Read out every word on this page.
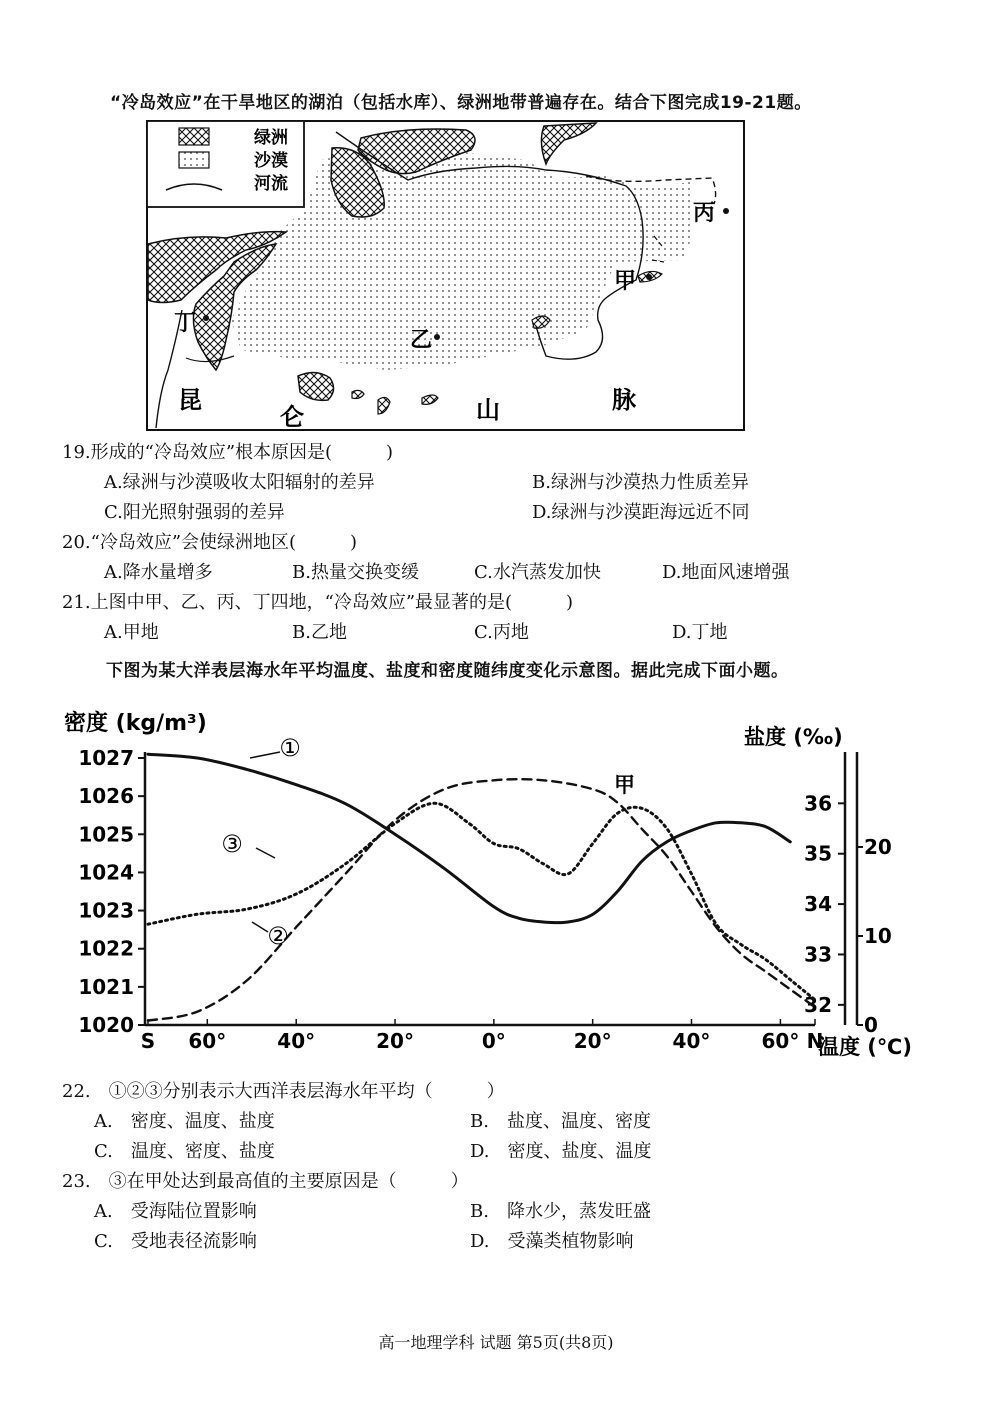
“冷岛效应”在干旱地区的湖泊（包括水库）、绿洲地带普遍存在。结合下图完成19-21题。
绿洲
沙漠
河流
丙
甲
乙
丁
昆
仑	山	脉
19.形成的“冷岛效应”根本原因是(　　　)
A.绿洲与沙漠吸收太阳辐射的差异	B.绿洲与沙漠热力性质差异
C.阳光照射强弱的差异	D.绿洲与沙漠距海远近不同
20.“冷岛效应”会使绿洲地区(　　　)
A.降水量增多	B.热量交换变缓	C.水汽蒸发加快	D.地面风速增强
21.上图中甲、乙、丙、丁四地，“冷岛效应”最显著的是(　　　)
A.甲地	B.乙地	C.丙地	D.丁地
下图为某大洋表层海水年平均温度、盐度和密度随纬度变化示意图。据此完成下面小题。
密度 (kg/m³)
盐度 (‰)
温度 (℃)
1020
1021
1022
1023
1024
1025
1026
1027
32
33
34
35
36
0
10
20
S 60°	40°	20°	0°	20°	40°	60° N
①
②
③
甲
22.　①②③分别表示大西洋表层海水年平均（　　　）
A.　密度、温度、盐度	B.　盐度、温度、密度
C.　温度、密度、盐度	D.　密度、盐度、温度
23.　③在甲处达到最高值的主要原因是（　　　）
A.　受海陆位置影响	B.　降水少，蒸发旺盛
C.　受地表径流影响	D.　受藻类植物影响
高一地理学科 试题 第5页(共8页)
